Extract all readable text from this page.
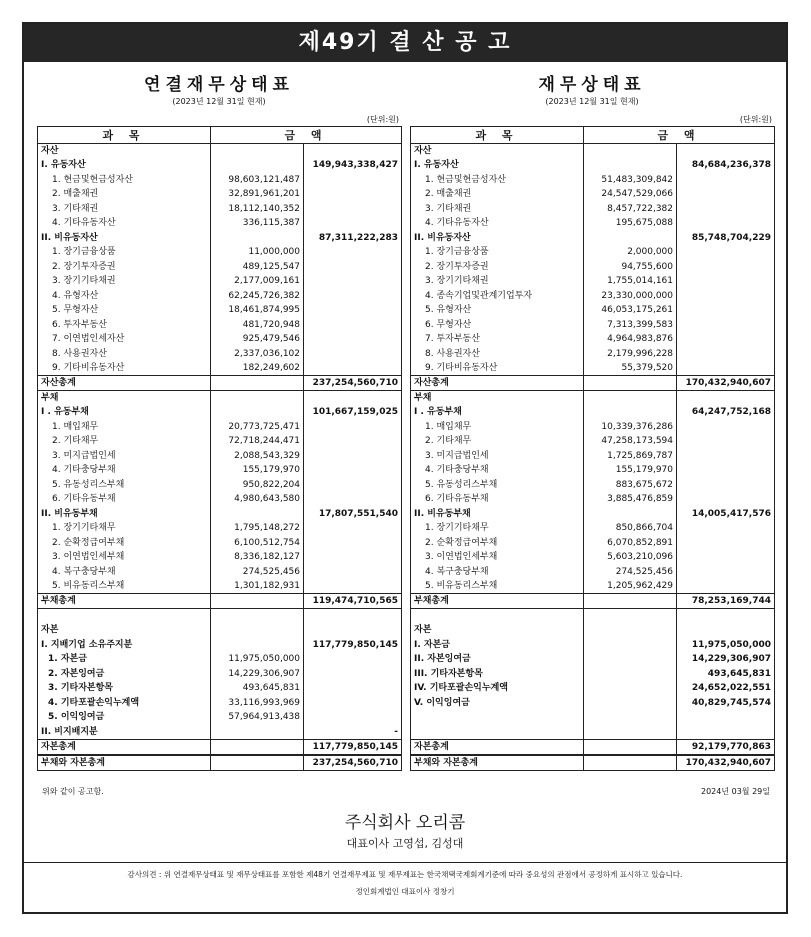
제49기 결 산 공 고
연결재무상태표
(2023년 12월 31일 현재)
(단위:원)
과 목	금 액	
자산		
I. 유동자산		149,943,338,427
1. 현금및현금성자산	98,603,121,487	
2. 매출채권	32,891,961,201	
3. 기타채권	18,112,140,352	
4. 기타유동자산	336,115,387	
II. 비유동자산		87,311,222,283
1. 장기금융상품	11,000,000	
2. 장기투자증권	489,125,547	
3. 장기기타채권	2,177,009,161	
4. 유형자산	62,245,726,382	
5. 무형자산	18,461,874,995	
6. 투자부동산	481,720,948	
7. 이연법인세자산	925,479,546	
8. 사용권자산	2,337,036,102	
9. 기타비유동자산	182,249,602	
자산총계		237,254,560,710
부채		
I . 유동부채		101,667,159,025
1. 매입채무	20,773,725,471	
2. 기타채무	72,718,244,471	
3. 미지급법인세	2,088,543,329	
4. 기타충당부채	155,179,970	
5. 유동성리스부채	950,822,204	
6. 기타유동부채	4,980,643,580	
II. 비유동부채		17,807,551,540
1. 장기기타채무	1,795,148,272	
2. 순확정급여부채	6,100,512,754	
3. 이연법인세부채	8,336,182,127	
4. 복구충당부채	274,525,456	
5. 비유동리스부채	1,301,182,931	
부채총계		119,474,710,565

자본		
I. 지배기업 소유주지분		117,779,850,145
1. 자본금	11,975,050,000	
2. 자본잉여금	14,229,306,907	
3. 기타자본항목	493,645,831	
4. 기타포괄손익누계액	33,116,993,969	
5. 이익잉여금	57,964,913,438	
II. 비지배지분		-
자본총계		117,779,850,145
부채와 자본총계		237,254,560,710
재무상태표
(2023년 12월 31일 현재)
(단위:원)
과 목	금 액	
자산		
I. 유동자산		84,684,236,378
1. 현금및현금성자산	51,483,309,842	
2. 매출채권	24,547,529,066	
3. 기타채권	8,457,722,382	
4. 기타유동자산	195,675,088	
II. 비유동자산		85,748,704,229
1. 장기금융상품	2,000,000	
2. 장기투자증권	94,755,600	
3. 장기기타채권	1,755,014,161	
4. 종속기업및관계기업투자	23,330,000,000	
5. 유형자산	46,053,175,261	
6. 무형자산	7,313,399,583	
7. 투자부동산	4,964,983,876	
8. 사용권자산	2,179,996,228	
9. 기타비유동자산	55,379,520	
자산총계		170,432,940,607
부채		
I . 유동부채		64,247,752,168
1. 매입채무	10,339,376,286	
2. 기타채무	47,258,173,594	
3. 미지급법인세	1,725,869,787	
4. 기타충당부채	155,179,970	
5. 유동성리스부채	883,675,672	
6. 기타유동부채	3,885,476,859	
II. 비유동부채		14,005,417,576
1. 장기기타채무	850,866,704	
2. 순확정급여부채	6,070,852,891	
3. 이연법인세부채	5,603,210,096	
4. 복구충당부채	274,525,456	
5. 비유동리스부채	1,205,962,429	
부채총계		78,253,169,744

자본		
I. 자본금		11,975,050,000
II. 자본잉여금		14,229,306,907
III. 기타자본항목		493,645,831
IV. 기타포괄손익누계액		24,652,022,551
V. 이익잉여금		40,829,745,574

자본총계		92,179,770,863
부채와 자본총계		170,432,940,607
위와 같이 공고함.	2024년 03월 29일
주식회사 오리콤
대표이사 고영섭, 김성대
감사의견 : 위 연결재무상태표 및 재무상태표를 포함한 제48기 연결재무제표 및 재무제표는 한국채택국제회계기준에 따라 중요성의 관점에서 공정하게 표시하고 있습니다.
정인회계법인 대표이사 정창기
